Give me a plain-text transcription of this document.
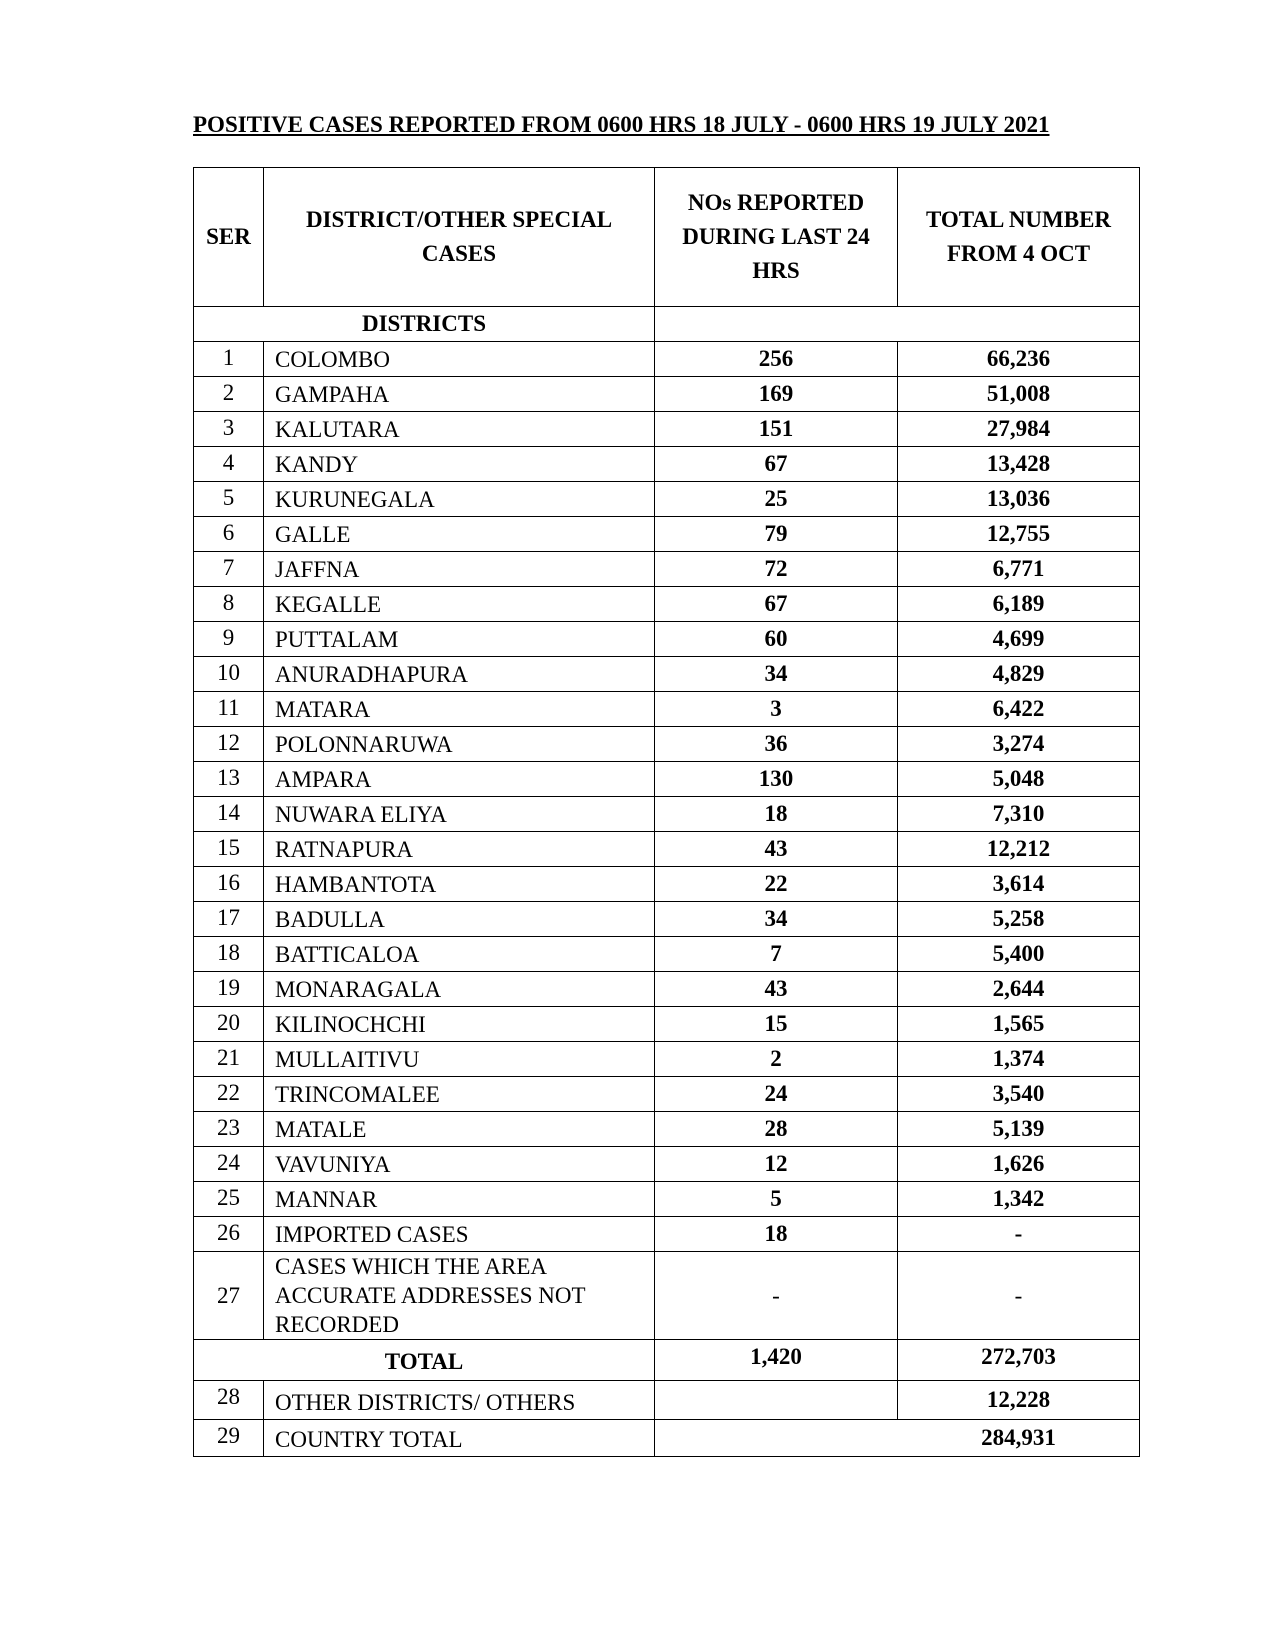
POSITIVE CASES REPORTED FROM 0600 HRS 18 JULY - 0600 HRS 19 JULY 2021
SER	DISTRICT/OTHER SPECIAL CASES	NOs REPORTED DURING LAST 24 HRS	TOTAL NUMBER FROM 4 OCT
DISTRICTS			
1	COLOMBO	256	66,236
2	GAMPAHA	169	51,008
3	KALUTARA	151	27,984
4	KANDY	67	13,428
5	KURUNEGALA	25	13,036
6	GALLE	79	12,755
7	JAFFNA	72	6,771
8	KEGALLE	67	6,189
9	PUTTALAM	60	4,699
10	ANURADHAPURA	34	4,829
11	MATARA	3	6,422
12	POLONNARUWA	36	3,274
13	AMPARA	130	5,048
14	NUWARA ELIYA	18	7,310
15	RATNAPURA	43	12,212
16	HAMBANTOTA	22	3,614
17	BADULLA	34	5,258
18	BATTICALOA	7	5,400
19	MONARAGALA	43	2,644
20	KILINOCHCHI	15	1,565
21	MULLAITIVU	2	1,374
22	TRINCOMALEE	24	3,540
23	MATALE	28	5,139
24	VAVUNIYA	12	1,626
25	MANNAR	5	1,342
26	IMPORTED CASES	18	-
27	CASES WHICH THE AREA ACCURATE ADDRESSES NOT RECORDED	-	-
TOTAL		1,420	272,703
28	OTHER DISTRICTS/ OTHERS		12,228
29	COUNTRY TOTAL	284,931	
